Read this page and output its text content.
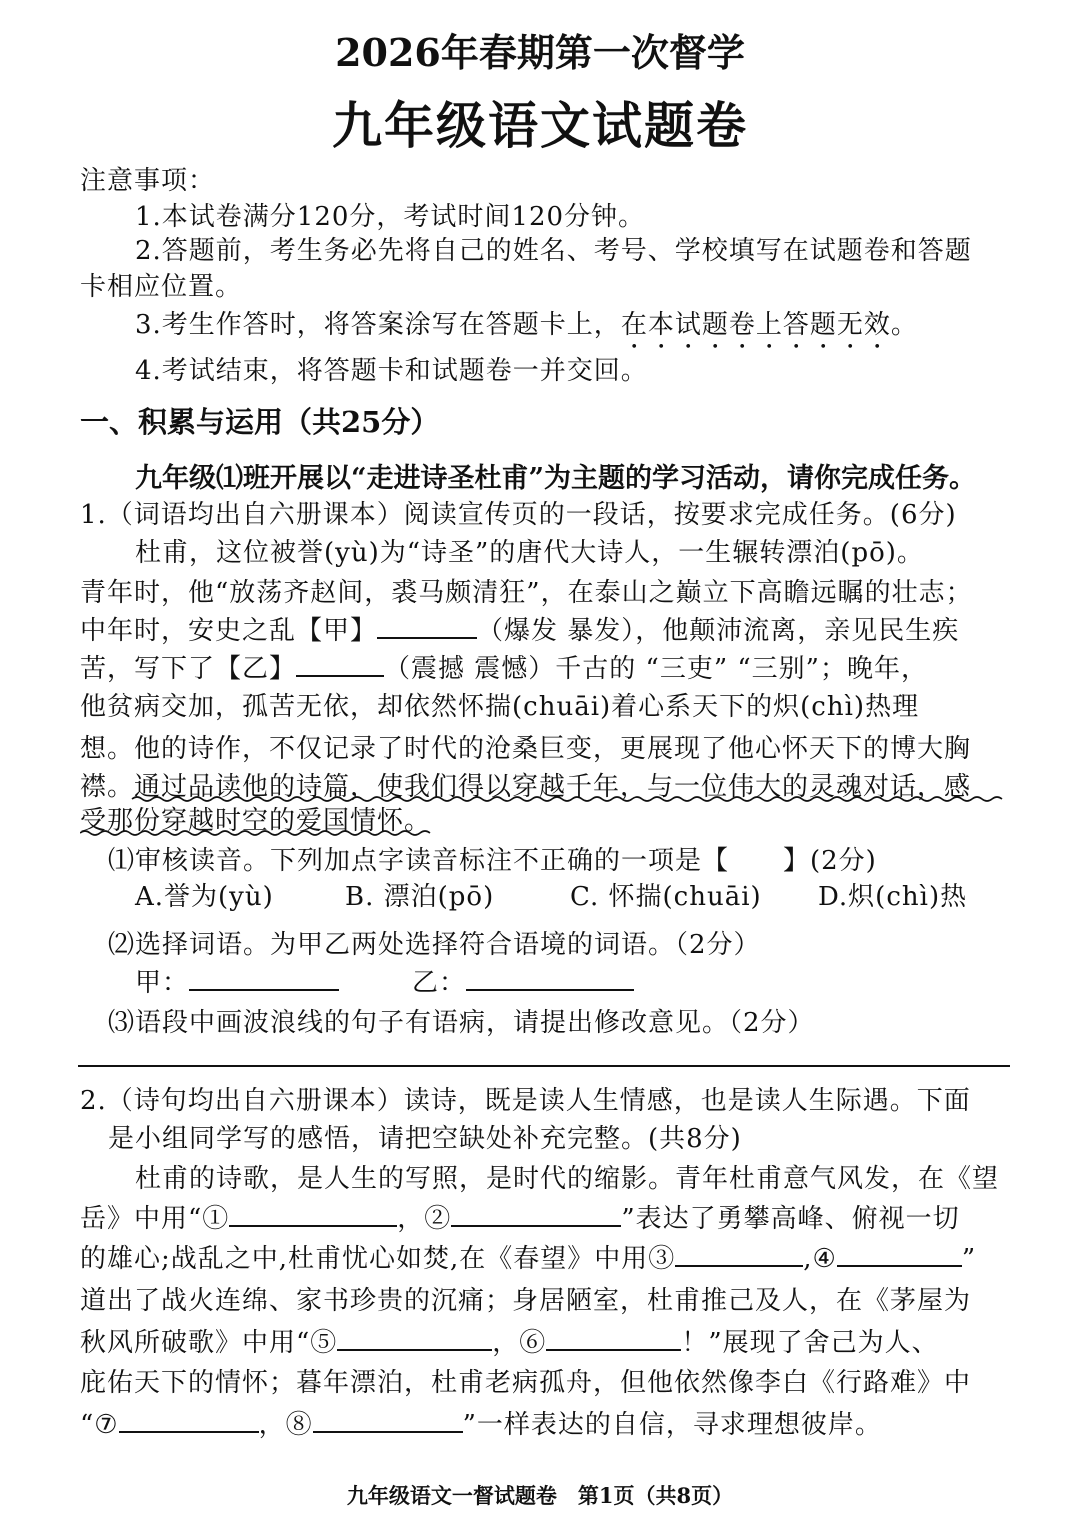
2026年春期第一次督学
九年级语文试题卷
注意事项：
1.本试卷满分120分，考试时间120分钟。
2.答题前，考生务必先将自己的姓名、考号、学校填写在试题卷和答题
卡相应位置。
3.考生作答时，将答案涂写在答题卡上，在本试题卷上答题无效。
4.考试结束，将答题卡和试题卷一并交回。
一、积累与运用（共25分）
九年级⑴班开展以“走进诗圣杜甫”为主题的学习活动，请你完成任务。
1.（词语均出自六册课本）阅读宣传页的一段话，按要求完成任务。(6分)
杜甫，这位被誉(yù)为“诗圣”的唐代大诗人，一生辗转漂泊(pō)。
青年时，他“放荡齐赵间，裘马颇清狂”，在泰山之巅立下高瞻远瞩的壮志；
中年时，安史之乱【甲】	（爆发 暴发），他颠沛流离，亲见民生疾
苦，写下了【乙】	（震撼 震憾）千古的 “三吏” “三别”；晚年，
他贫病交加，孤苦无依，却依然怀揣(chuāi)着心系天下的炽(chì)热理
想。他的诗作，不仅记录了时代的沧桑巨变，更展现了他心怀天下的博大胸
襟。通过品读他的诗篇，使我们得以穿越千年，与一位伟大的灵魂对话，感
受那份穿越时空的爱国情怀。
⑴审核读音。下列加点字读音标注不正确的一项是【　　】(2分)
A.誉为(yù)	B. 漂泊(pō)	C. 怀揣(chuāi) D.炽(chì)热
⑵选择词语。为甲乙两处选择符合语境的词语。（2分）
甲：	乙：
⑶语段中画波浪线的句子有语病，请提出修改意见。（2分）
2.（诗句均出自六册课本）读诗，既是读人生情感，也是读人生际遇。下面
是小组同学写的感悟，请把空缺处补充完整。(共8分)
杜甫的诗歌，是人生的写照，是时代的缩影。青年杜甫意气风发，在《望
岳》中用“①	，②	”表达了勇攀高峰、俯视一切
的雄心;战乱之中,杜甫忧心如焚,在《春望》中用③	,④	”
道出了战火连绵、家书珍贵的沉痛；身居陋室，杜甫推己及人，在《茅屋为
秋风所破歌》中用“⑤	，⑥	！”展现了舍己为人、
庇佑天下的情怀；暮年漂泊，杜甫老病孤舟，但他依然像李白《行路难》中
“⑦	，⑧	”一样表达的自信，寻求理想彼岸。
九年级语文一督试题卷　第1页（共8页）
